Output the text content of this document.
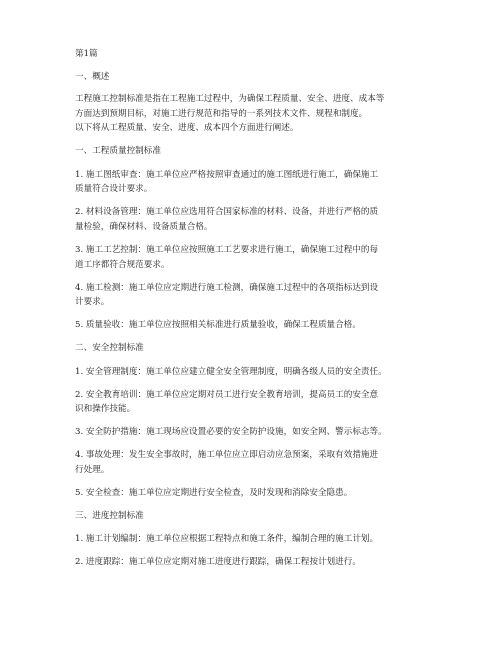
第1篇

一、概述

工程施工控制标准是指在工程施工过程中，为确保工程质量、安全、进度、成本等
方面达到预期目标，对施工进行规范和指导的一系列技术文件、规程和制度。
以下将从工程质量、安全、进度、成本四个方面进行阐述。

一、工程质量控制标准

1. 施工图纸审查：施工单位应严格按照审查通过的施工图纸进行施工，确保施工
质量符合设计要求。

2. 材料设备管理：施工单位应选用符合国家标准的材料、设备，并进行严格的质
量检验，确保材料、设备质量合格。

3. 施工工艺控制：施工单位应按照施工工艺要求进行施工，确保施工过程中的每
道工序都符合规范要求。

4. 施工检测：施工单位应定期进行施工检测，确保施工过程中的各项指标达到设
计要求。

5. 质量验收：施工单位应按照相关标准进行质量验收，确保工程质量合格。

二、安全控制标准

1. 安全管理制度：施工单位应建立健全安全管理制度，明确各级人员的安全责任。

2. 安全教育培训：施工单位应定期对员工进行安全教育培训，提高员工的安全意
识和操作技能。

3. 安全防护措施：施工现场应设置必要的安全防护设施，如安全网、警示标志等。

4. 事故处理：发生安全事故时，施工单位应立即启动应急预案，采取有效措施进
行处理。

5. 安全检查：施工单位应定期进行安全检查，及时发现和消除安全隐患。

三、进度控制标准

1. 施工计划编制：施工单位应根据工程特点和施工条件，编制合理的施工计划。

2. 进度跟踪：施工单位应定期对施工进度进行跟踪，确保工程按计划进行。
